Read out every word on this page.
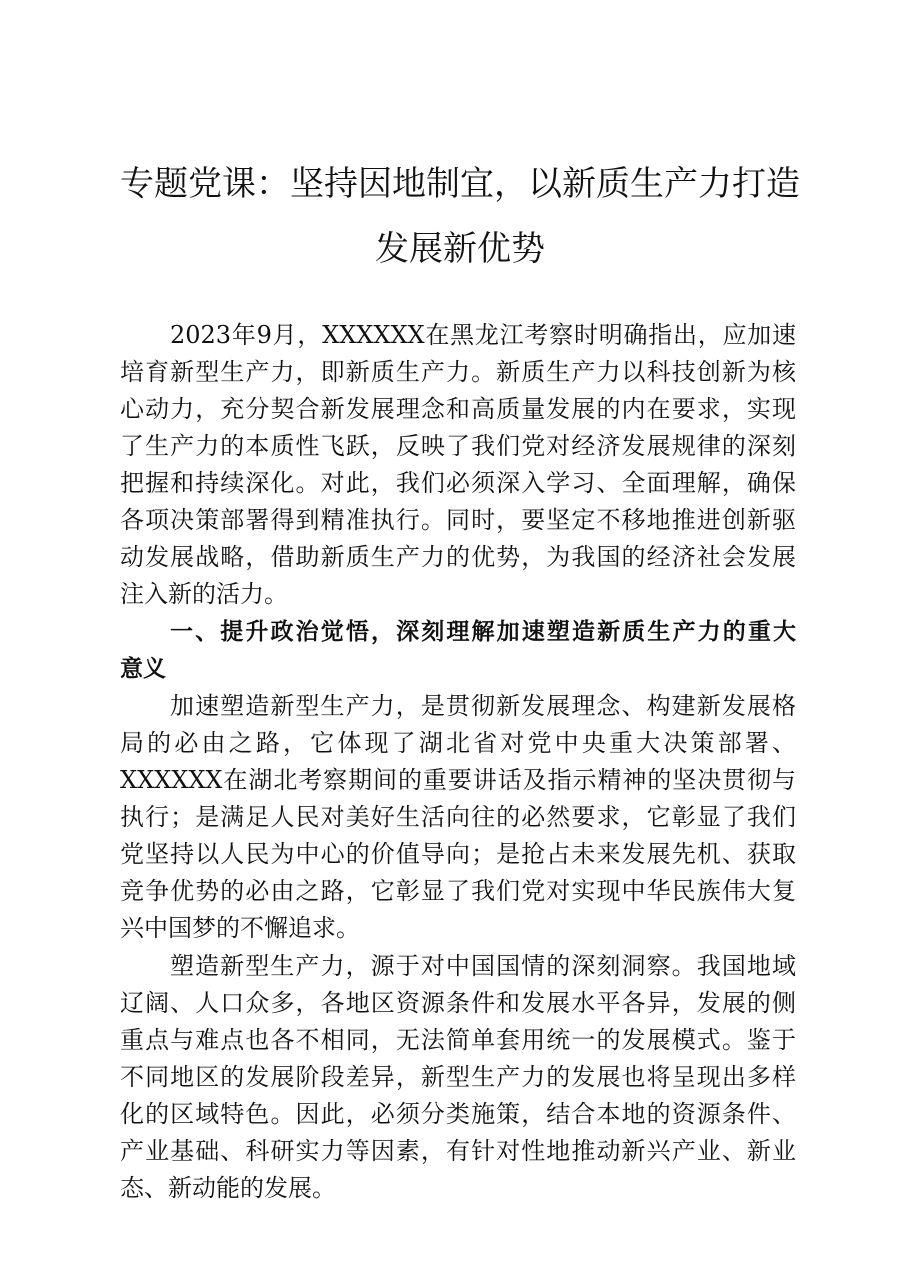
专题党课：坚持因地制宜，以新质生产力打造
发展新优势
2023年9月，XXXXXX在黑龙江考察时明确指出，应加速
培育新型生产力，即新质生产力。新质生产力以科技创新为核
心动力，充分契合新发展理念和高质量发展的内在要求，实现
了生产力的本质性飞跃，反映了我们党对经济发展规律的深刻
把握和持续深化。对此，我们必须深入学习、全面理解，确保
各项决策部署得到精准执行。同时，要坚定不移地推进创新驱
动发展战略，借助新质生产力的优势，为我国的经济社会发展
注入新的活力。
一、提升政治觉悟，深刻理解加速塑造新质生产力的重大
意义
加速塑造新型生产力，是贯彻新发展理念、构建新发展格
局的必由之路，它体现了湖北省对党中央重大决策部署、
XXXXXX在湖北考察期间的重要讲话及指示精神的坚决贯彻与
执行；是满足人民对美好生活向往的必然要求，它彰显了我们
党坚持以人民为中心的价值导向；是抢占未来发展先机、获取
竞争优势的必由之路，它彰显了我们党对实现中华民族伟大复
兴中国梦的不懈追求。
塑造新型生产力，源于对中国国情的深刻洞察。我国地域
辽阔、人口众多，各地区资源条件和发展水平各异，发展的侧
重点与难点也各不相同，无法简单套用统一的发展模式。鉴于
不同地区的发展阶段差异，新型生产力的发展也将呈现出多样
化的区域特色。因此，必须分类施策，结合本地的资源条件、
产业基础、科研实力等因素，有针对性地推动新兴产业、新业
态、新动能的发展。
